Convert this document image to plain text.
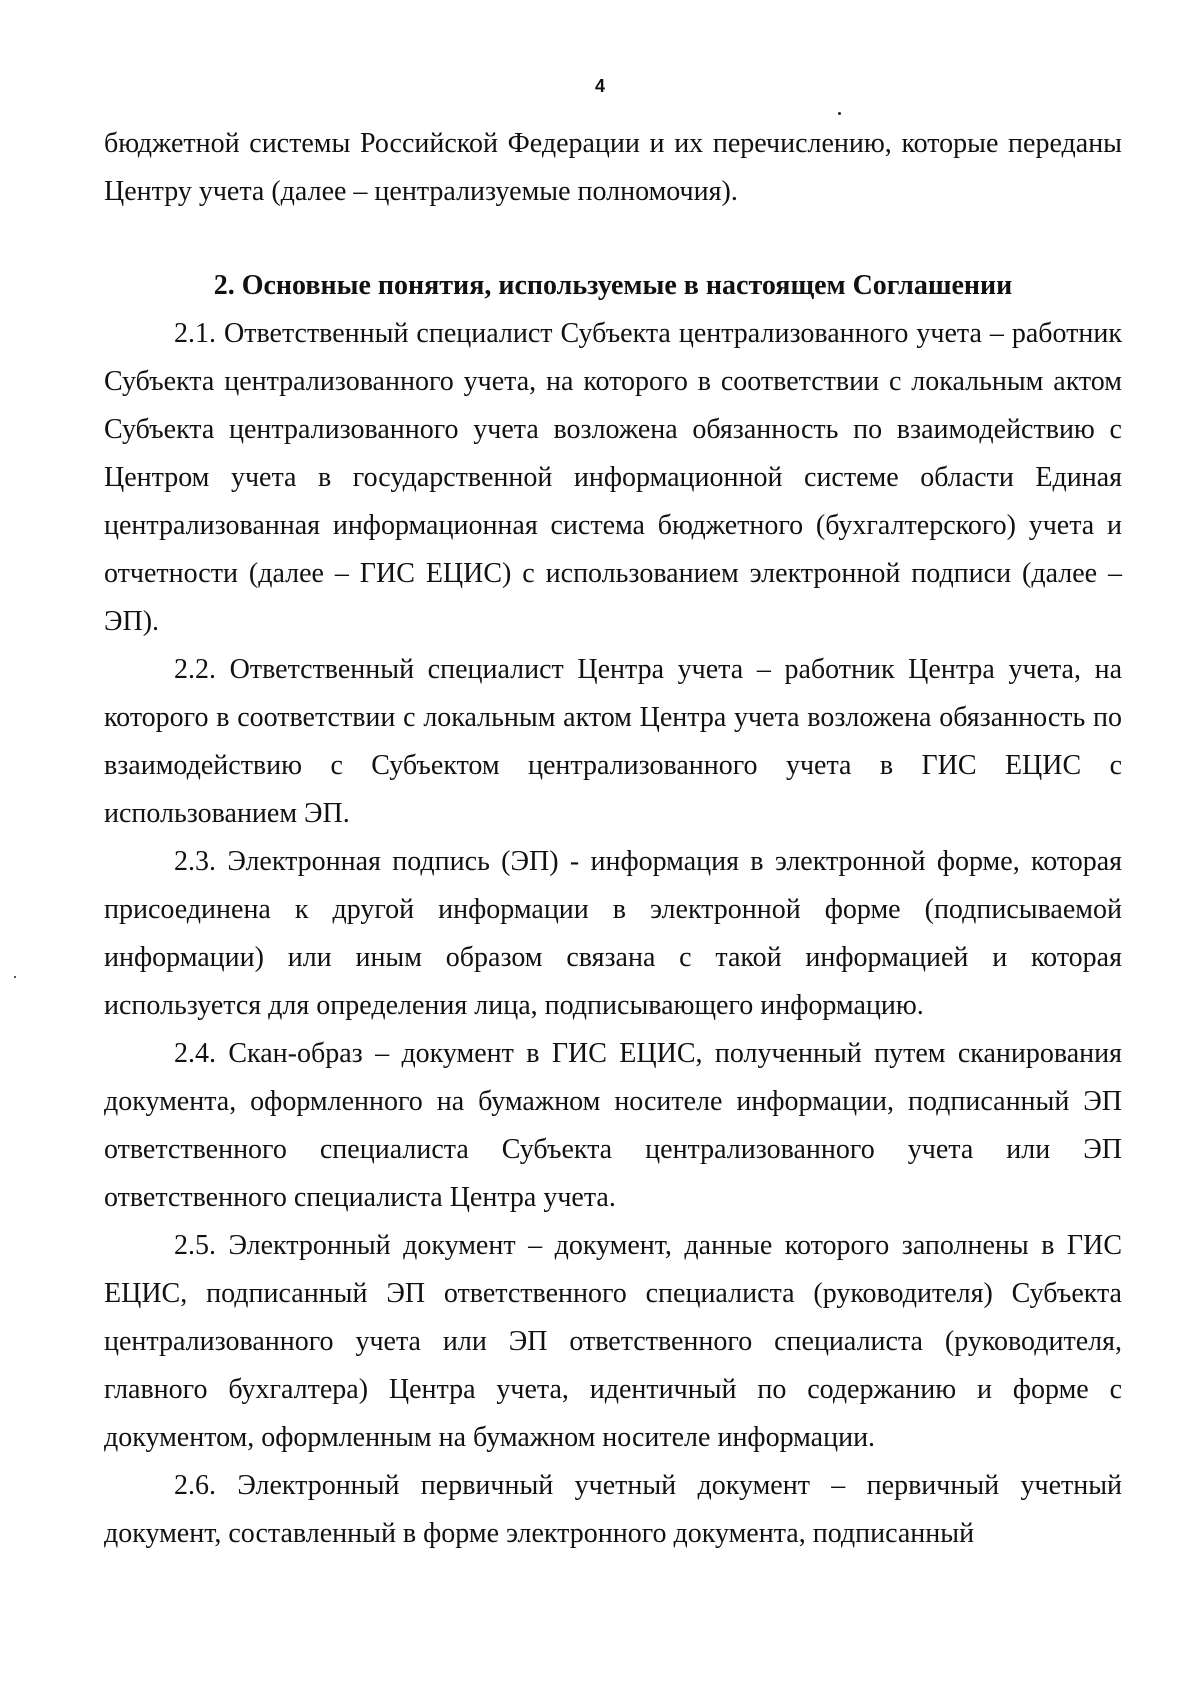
4

бюджетной системы Российской Федерации и их перечислению, которые переданы Центру учета (далее – централизуемые полномочия).

2. Основные понятия, используемые в настоящем Соглашении

2.1. Ответственный специалист Субъекта централизованного учета – работник Субъекта централизованного учета, на которого в соответствии с локальным актом Субъекта централизованного учета возложена обязанность по взаимодействию с Центром учета в государственной информационной системе области Единая централизованная информационная система бюджетного (бухгалтерского) учета и отчетности (далее – ГИС ЕЦИС) с использованием электронной подписи (далее – ЭП).

2.2. Ответственный специалист Центра учета – работник Центра учета, на которого в соответствии с локальным актом Центра учета возложена обязанность по взаимодействию с Субъектом централизованного учета в ГИС ЕЦИС с использованием ЭП.

2.3. Электронная подпись (ЭП) - информация в электронной форме, которая присоединена к другой информации в электронной форме (подписываемой информации) или иным образом связана с такой информацией и которая используется для определения лица, подписывающего информацию.

2.4. Скан-образ – документ в ГИС ЕЦИС, полученный путем сканирования документа, оформленного на бумажном носителе информации, подписанный ЭП ответственного специалиста Субъекта централизованного учета или ЭП ответственного специалиста Центра учета.

2.5. Электронный документ – документ, данные которого заполнены в ГИС ЕЦИС, подписанный ЭП ответственного специалиста (руководителя) Субъекта централизованного учета или ЭП ответственного специалиста (руководителя, главного бухгалтера) Центра учета, идентичный по содержанию и форме с документом, оформленным на бумажном носителе информации.

2.6. Электронный первичный учетный документ – первичный учетный документ, составленный в форме электронного документа, подписанный
